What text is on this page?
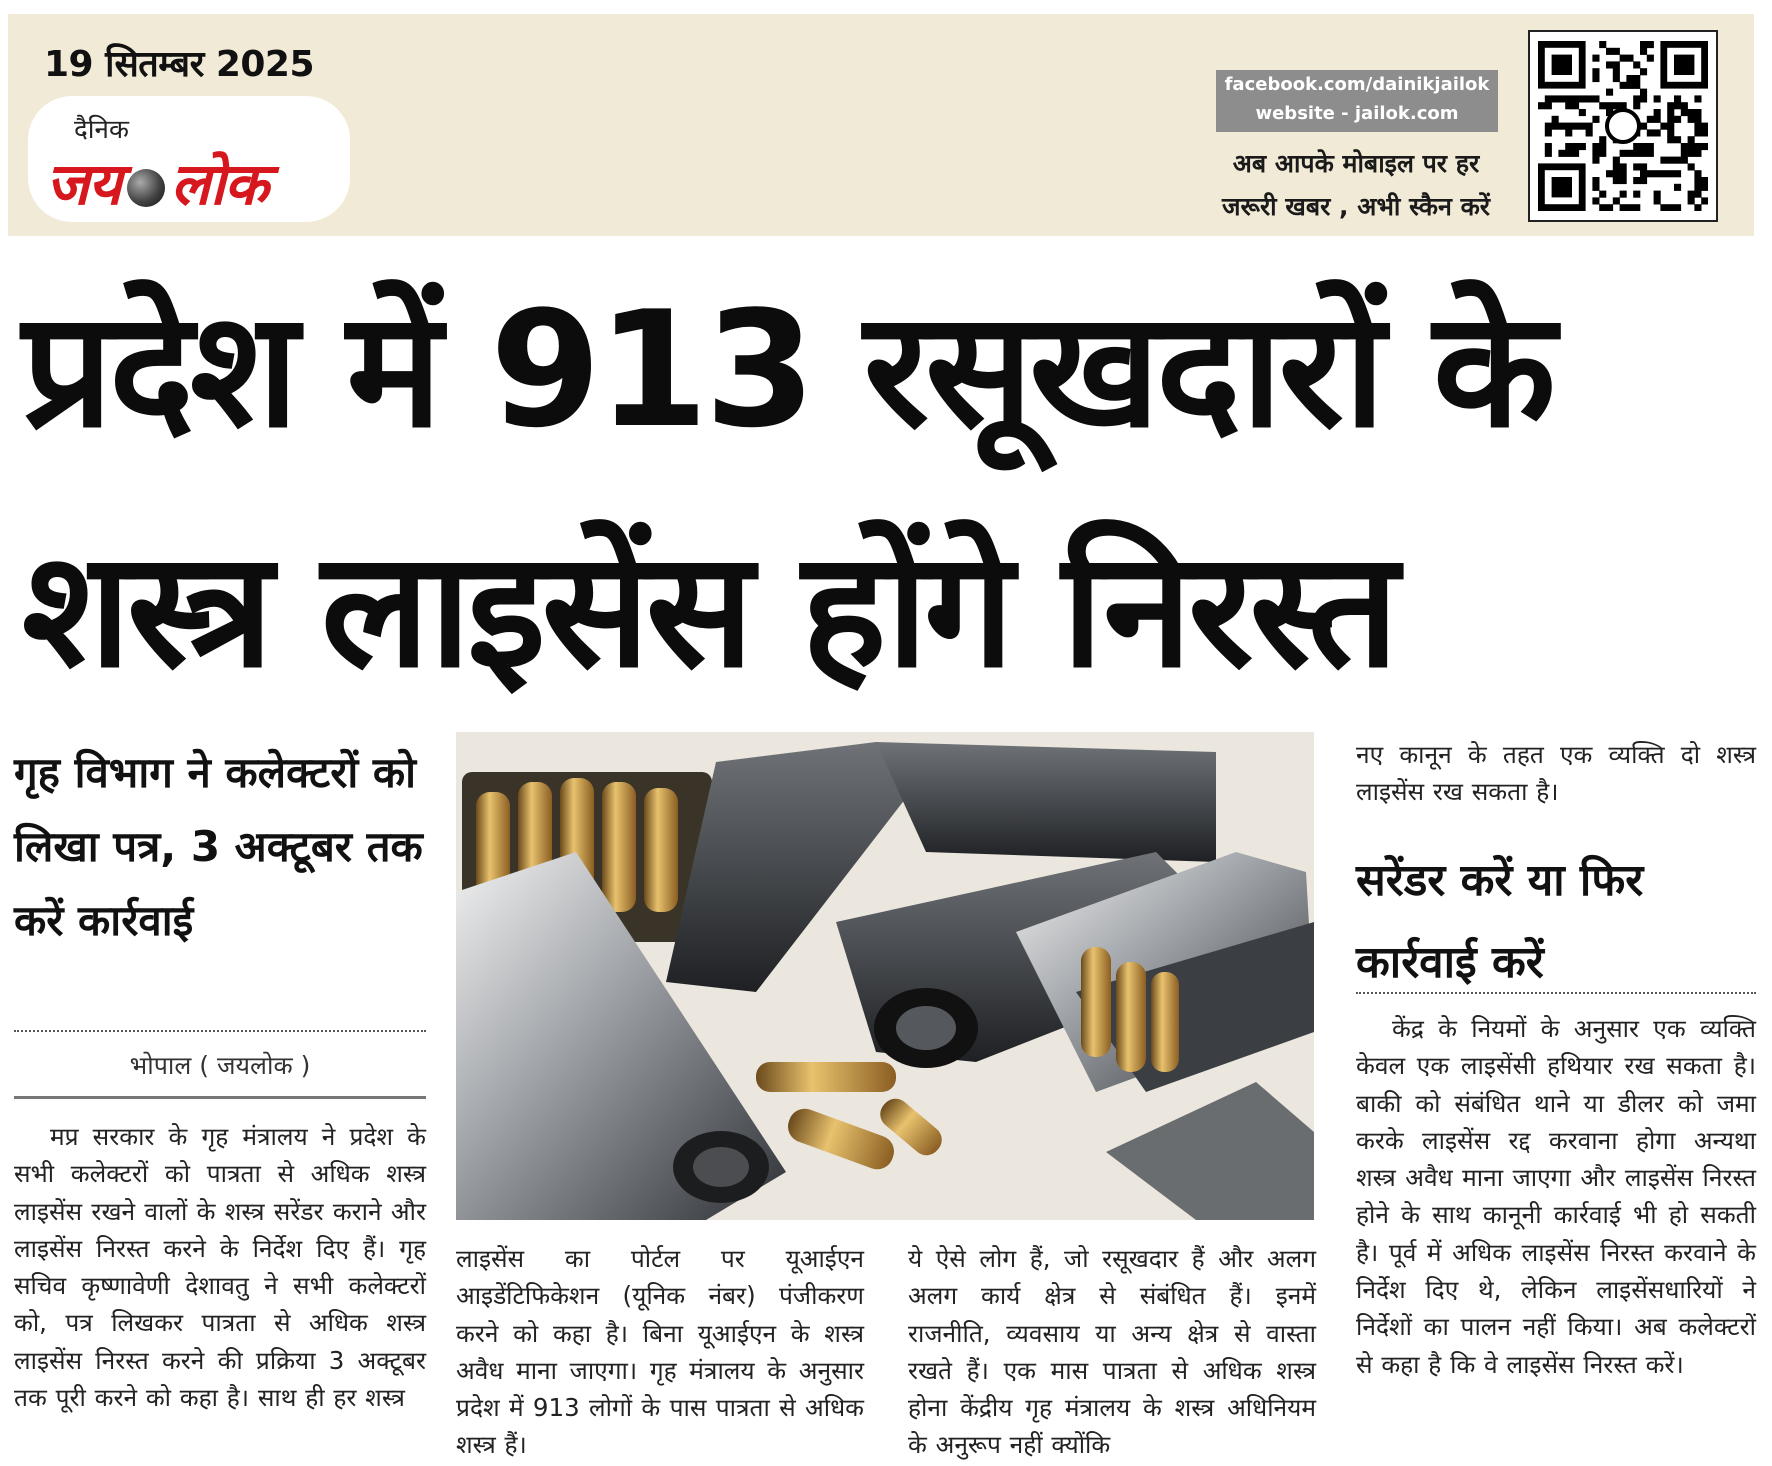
19 सितम्बर 2025
दैनिक
जय लोक
facebook.com/dainikjailok
website - jailok.com
अब आपके मोबाइल पर हर
जरूरी खबर , अभी स्कैन करें
प्रदेश में 913 रसूखदारों के
शस्त्र लाइसेंस होंगे निरस्त
गृह विभाग ने कलेक्टरों को लिखा पत्र, 3 अक्टूबर तक करें कार्रवाई
भोपाल ( जयलोक )
मप्र सरकार के गृह मंत्रालय ने प्रदेश के सभी कलेक्टरों को पात्रता से अधिक शस्त्र लाइसेंस रखने वालों के शस्त्र सरेंडर कराने और लाइसेंस निरस्त करने के निर्देश दिए हैं। गृह सचिव कृष्णावेणी देशावतु ने सभी कलेक्टरों को, पत्र लिखकर पात्रता से अधिक शस्त्र लाइसेंस निरस्त करने की प्रक्रिया 3 अक्टूबर तक पूरी करने को कहा है। साथ ही हर शस्त्र
लाइसेंस का पोर्टल पर यूआईएन आइडेंटिफिकेशन (यूनिक नंबर) पंजीकरण करने को कहा है। बिना यूआईएन के शस्त्र अवैध माना जाएगा। गृह मंत्रालय के अनुसार प्रदेश में 913 लोगों के पास पात्रता से अधिक शस्त्र हैं।
ये ऐसे लोग हैं, जो रसूखदार हैं और अलग अलग कार्य क्षेत्र से संबंधित हैं। इनमें राजनीति, व्यवसाय या अन्य क्षेत्र से वास्ता रखते हैं। एक मास पात्रता से अधिक शस्त्र होना केंद्रीय गृह मंत्रालय के शस्त्र अधिनियम के अनुरूप नहीं क्योंकि
नए कानून के तहत एक व्यक्ति दो शस्त्र लाइसेंस रख सकता है।
सरेंडर करें या फिर कार्रवाई करें
केंद्र के नियमों के अनुसार एक व्यक्ति केवल एक लाइसेंसी हथियार रख सकता है। बाकी को संबंधित थाने या डीलर को जमा करके लाइसेंस रद्द करवाना होगा अन्यथा शस्त्र अवैध माना जाएगा और लाइसेंस निरस्त होने के साथ कानूनी कार्रवाई भी हो सकती है। पूर्व में अधिक लाइसेंस निरस्त करवाने के निर्देश दिए थे, लेकिन लाइसेंसधारियों ने निर्देशों का पालन नहीं किया। अब कलेक्टरों से कहा है कि वे लाइसेंस निरस्त करें।
